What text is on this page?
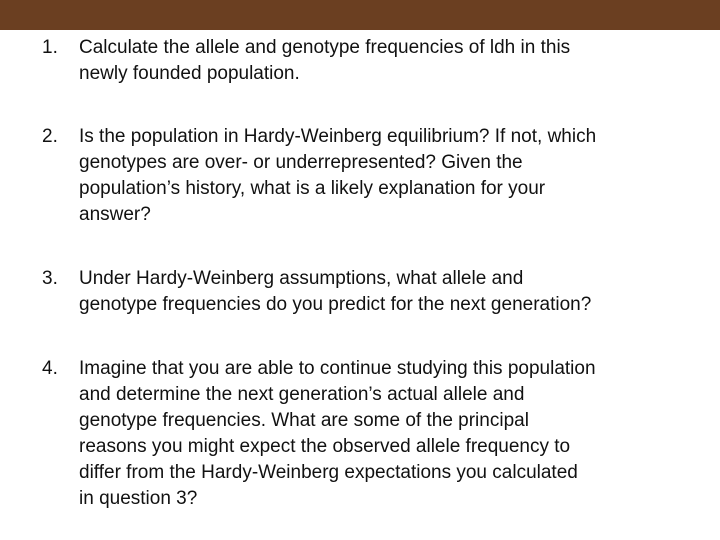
1. Calculate the allele and genotype frequencies of ldh in this
newly founded population.
2. Is the population in Hardy-Weinberg equilibrium? If not, which
genotypes are over- or underrepresented? Given the
population’s history, what is a likely explanation for your
answer?
3. Under Hardy-Weinberg assumptions, what allele and
genotype frequencies do you predict for the next generation?
4. Imagine that you are able to continue studying this population
and determine the next generation’s actual allele and
genotype frequencies. What are some of the principal
reasons you might expect the observed allele frequency to
differ from the Hardy-Weinberg expectations you calculated
in question 3?
